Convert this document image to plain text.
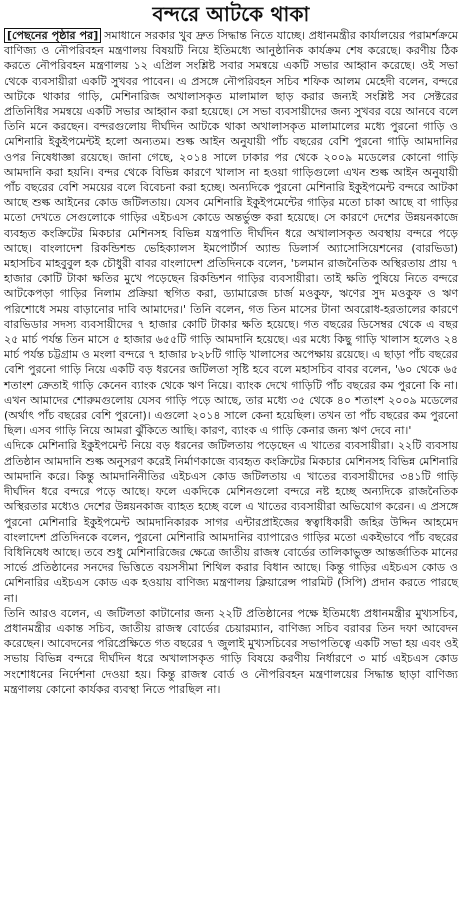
বন্দরে আটকে থাকা

[পেছনের পৃষ্ঠার পর] সমাধানে সরকার খুব দ্রুত সিদ্ধান্ত নিতে যাচ্ছে। প্রধানমন্ত্রীর কার্যালয়ের পরামর্শক্রমে বাণিজ্য ও নৌপরিবহন মন্ত্রণালয় বিষয়টি নিয়ে ইতিমধ্যে আনুষ্ঠানিক কার্যক্রম শেষ করেছে। করণীয় ঠিক করতে নৌপরিবহন মন্ত্রণালয় ১২ এপ্রিল সংশ্লিষ্ট সবার সমন্বয়ে একটি সভার আহ্বান করেছে। ওই সভা থেকে ব্যবসায়ীরা একটি সুখবর পাবেন। এ প্রসঙ্গে নৌপরিবহন সচিব শফিক আলম মেহেদী বলেন, বন্দরে আটকে থাকার গাড়ি, মেশিনারিজ অখালাসকৃত মালামাল ছাড় করার জন্যই সংশ্লিষ্ট সব সেক্টরের প্রতিনিধির সমন্বয়ে একটি সভার আহ্বান করা হয়েছে। সে সভা ব্যবসায়ীদের জন্য সুখবর বয়ে আনবে বলে তিনি মনে করছেন। বন্দরগুলোয় দীর্ঘদিন আটকে থাকা অখালাসকৃত মালামালের মধ্যে পুরনো গাড়ি ও মেশিনারি ইকুইপমেন্টই হলো অন্যতম। শুল্ক আইন অনুযায়ী পাঁচ বছরের বেশি পুরনো গাড়ি আমদানির ওপর নিষেধাজ্ঞা রয়েছে। জানা গেছে, ২০১৪ সালে ঢাকার পর থেকে ২০০৯ মডেলের কোনো গাড়ি আমদানি করা হয়নি। বন্দর থেকে বিভিন্ন কারণে খালাস না হওয়া গাড়িগুলো এখন শুল্ক আইন অনুযায়ী পাঁচ বছরের বেশি সময়ের বলে বিবেচনা করা হচ্ছে। অন্যদিকে পুরনো মেশিনারি ইকুইপমেন্ট বন্দরে আটকা আছে শুল্ক আইনের কোড জটিলতায়। যেসব মেশিনারি ইকুইপমেন্টের গাড়ির মতো চাকা আছে বা গাড়ির মতো দেখতে সেগুলোকে গাড়ির এইচএস কোডে অন্তর্ভুক্ত করা হয়েছে। সে কারণে দেশের উন্নয়নকাজে ব্যবহৃত কংক্রিটের মিকচার মেশিনসহ বিভিন্ন যন্ত্রপাতি দীর্ঘদিন ধরে অখালাসকৃত অবস্থায় বন্দরে পড়ে আছে। বাংলাদেশ রিকন্ডিশন্ড ভেহিক্যালস ইমপোর্টার্স অ্যান্ড ডিলার্স অ্যাসোসিয়েশনের (বারভিডা) মহাসচিব মাহবুবুল হক চৌধুরী বাবর বাংলাদেশ প্রতিদিনকে বলেন, 'চলমান রাজনৈতিক অস্থিরতায় প্রায় ৭ হাজার কোটি টাকা ক্ষতির মুখে পড়েছেন রিকন্ডিশন গাড়ির ব্যবসায়ীরা। তাই ক্ষতি পুষিয়ে নিতে বন্দরে আটকেপড়া গাড়ির নিলাম প্রক্রিয়া স্থগিত করা, ড্যামারেজ চার্জ মওকুফ, ঋণের সুদ মওকুফ ও ঋণ পরিশোধে সময় বাড়ানোর দাবি আমাদের।' তিনি বলেন, গত তিন মাসের টানা অবরোধ-হরতালের কারণে বারভিডার সদস্য ব্যবসায়ীদের ৭ হাজার কোটি টাকার ক্ষতি হয়েছে। গত বছরের ডিসেম্বর থেকে এ বছর ২৫ মার্চ পর্যন্ত তিন মাসে ৫ হাজার ৬৫৫টি গাড়ি আমদানি হয়েছে। এর মধ্যে কিছু গাড়ি খালাস হলেও ২৪ মার্চ পর্যন্ত চট্টগ্রাম ও মংলা বন্দরে ৭ হাজার ৮২৮টি গাড়ি খালাসের অপেক্ষায় রয়েছে। এ ছাড়া পাঁচ বছরের বেশি পুরনো গাড়ি নিয়ে একটি বড় ধরনের জটিলতা সৃষ্টি হবে বলে মহাসচিব বাবর বলেন, '৬০ থেকে ৬৫ শতাংশ ক্রেতাই গাড়ি কেনেন ব্যাংক থেকে ঋণ নিয়ে। ব্যাংক দেখে গাড়িটি পাঁচ বছরের কম পুরনো কি না। এখন আমাদের শোরুমগুলোয় যেসব গাড়ি পড়ে আছে, তার মধ্যে ৩৫ থেকে ৪০ শতাংশ ২০০৯ মডেলের (অর্থাৎ পাঁচ বছরের বেশি পুরনো)। এগুলো ২০১৪ সালে কেনা হয়েছিল। তখন তা পাঁচ বছরের কম পুরনো ছিল। এসব গাড়ি নিয়ে আমরা ঝুঁকিতে আছি। কারণ, ব্যাংক এ গাড়ি কেনার জন্য ঋণ দেবে না।'

এদিকে মেশিনারি ইকুইপমেন্ট নিয়ে বড় ধরনের জটিলতায় পড়েছেন এ খাতের ব্যবসায়ীরা। ২২টি ব্যবসায় প্রতিষ্ঠান আমদানি শুল্ক অনুসরণ করেই নির্মাণকাজে ব্যবহৃত কংক্রিটের মিকচার মেশিনসহ বিভিন্ন মেশিনারি আমদানি করে। কিন্তু আমদানিনীতির এইচএস কোড জটিলতায় এ খাতের ব্যবসায়ীদের ৩৪১টি গাড়ি দীর্ঘদিন ধরে বন্দরে পড়ে আছে। ফলে একদিকে মেশিনগুলো বন্দরে নষ্ট হচ্ছে অন্যদিকে রাজনৈতিক অস্থিরতার মধ্যেও দেশের উন্নয়নকাজ ব্যাহত হচ্ছে বলে এ খাতের ব্যবসায়ীরা অভিযোগ করেন। এ প্রসঙ্গে পুরনো মেশিনারি ইকুইপমেন্ট আমদানিকারক সাগর এন্টারপ্রাইজের স্বত্বাধিকারী জহির উদ্দিন আহমেদ বাংলাদেশ প্রতিদিনকে বলেন, পুরনো মেশিনারি আমদানির ব্যাপারেও গাড়ির মতো একইভাবে পাঁচ বছরের বিধিনিষেধ আছে। তবে শুধু মেশিনারিজের ক্ষেত্রে জাতীয় রাজস্ব বোর্ডের তালিকাভুক্ত আন্তর্জাতিক মানের সার্ভে প্রতিষ্ঠানের সনদের ভিত্তিতে বয়সসীমা শিথিল করার বিধান আছে। কিন্তু গাড়ির এইচএস কোড ও মেশিনারির এইচএস কোড এক হওয়ায় বাণিজ্য মন্ত্রণালয় ক্লিয়ারেন্স পারমিট (সিপি) প্রদান করতে পারছে না।

তিনি আরও বলেন, এ জটিলতা কাটানোর জন্য ২২টি প্রতিষ্ঠানের পক্ষে ইতিমধ্যে প্রধানমন্ত্রীর মুখ্যসচিব, প্রধানমন্ত্রীর একান্ত সচিব, জাতীয় রাজস্ব বোর্ডের চেয়ারম্যান, বাণিজ্য সচিব বরাবর তিন দফা আবেদন করেছেন। আবেদনের পরিপ্রেক্ষিতে গত বছরের ৭ জুলাই মুখ্যসচিবের সভাপতিত্বে একটি সভা হয় এবং ওই সভায় বিভিন্ন বন্দরে দীর্ঘদিন ধরে অখালাসকৃত গাড়ি বিষয়ে করণীয় নির্ধারণে ৩ মার্চ এইচএস কোড সংশোধনের নির্দেশনা দেওয়া হয়। কিন্তু রাজস্ব বোর্ড ও নৌপরিবহন মন্ত্রণালয়ের সিদ্ধান্ত ছাড়া বাণিজ্য মন্ত্রণালয় কোনো কার্যকর ব্যবস্থা নিতে পারছিল না।
